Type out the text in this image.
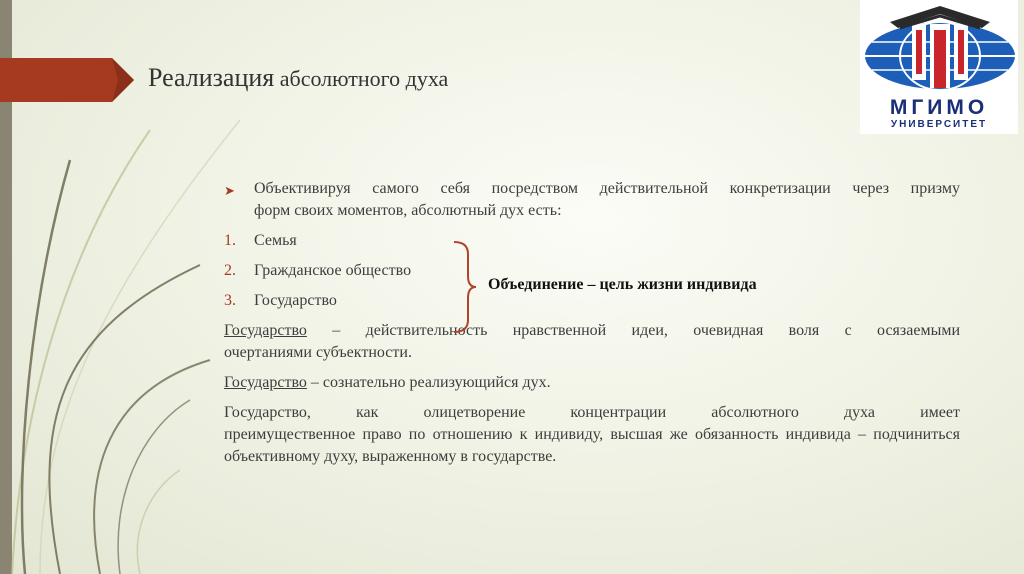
Реализация абсолютного духа
МГИМО
УНИВЕРСИТЕТ
➤ Объективируя самого себя посредством действительной конкретизации через призму
форм своих моментов, абсолютный дух есть:
1. Семья
2. Гражданское общество
3. Государство
Государство – действительность нравственной идеи, очевидная воля с осязаемыми
очертаниями субъектности.
Государство – сознательно реализующийся дух.
Государство, как олицетворение концентрации абсолютного духа имеет
преимущественное право по отношению к индивиду, высшая же обязанность индивида – подчиниться объективному духу, выраженному в государстве.
Объединение – цель жизни индивида
